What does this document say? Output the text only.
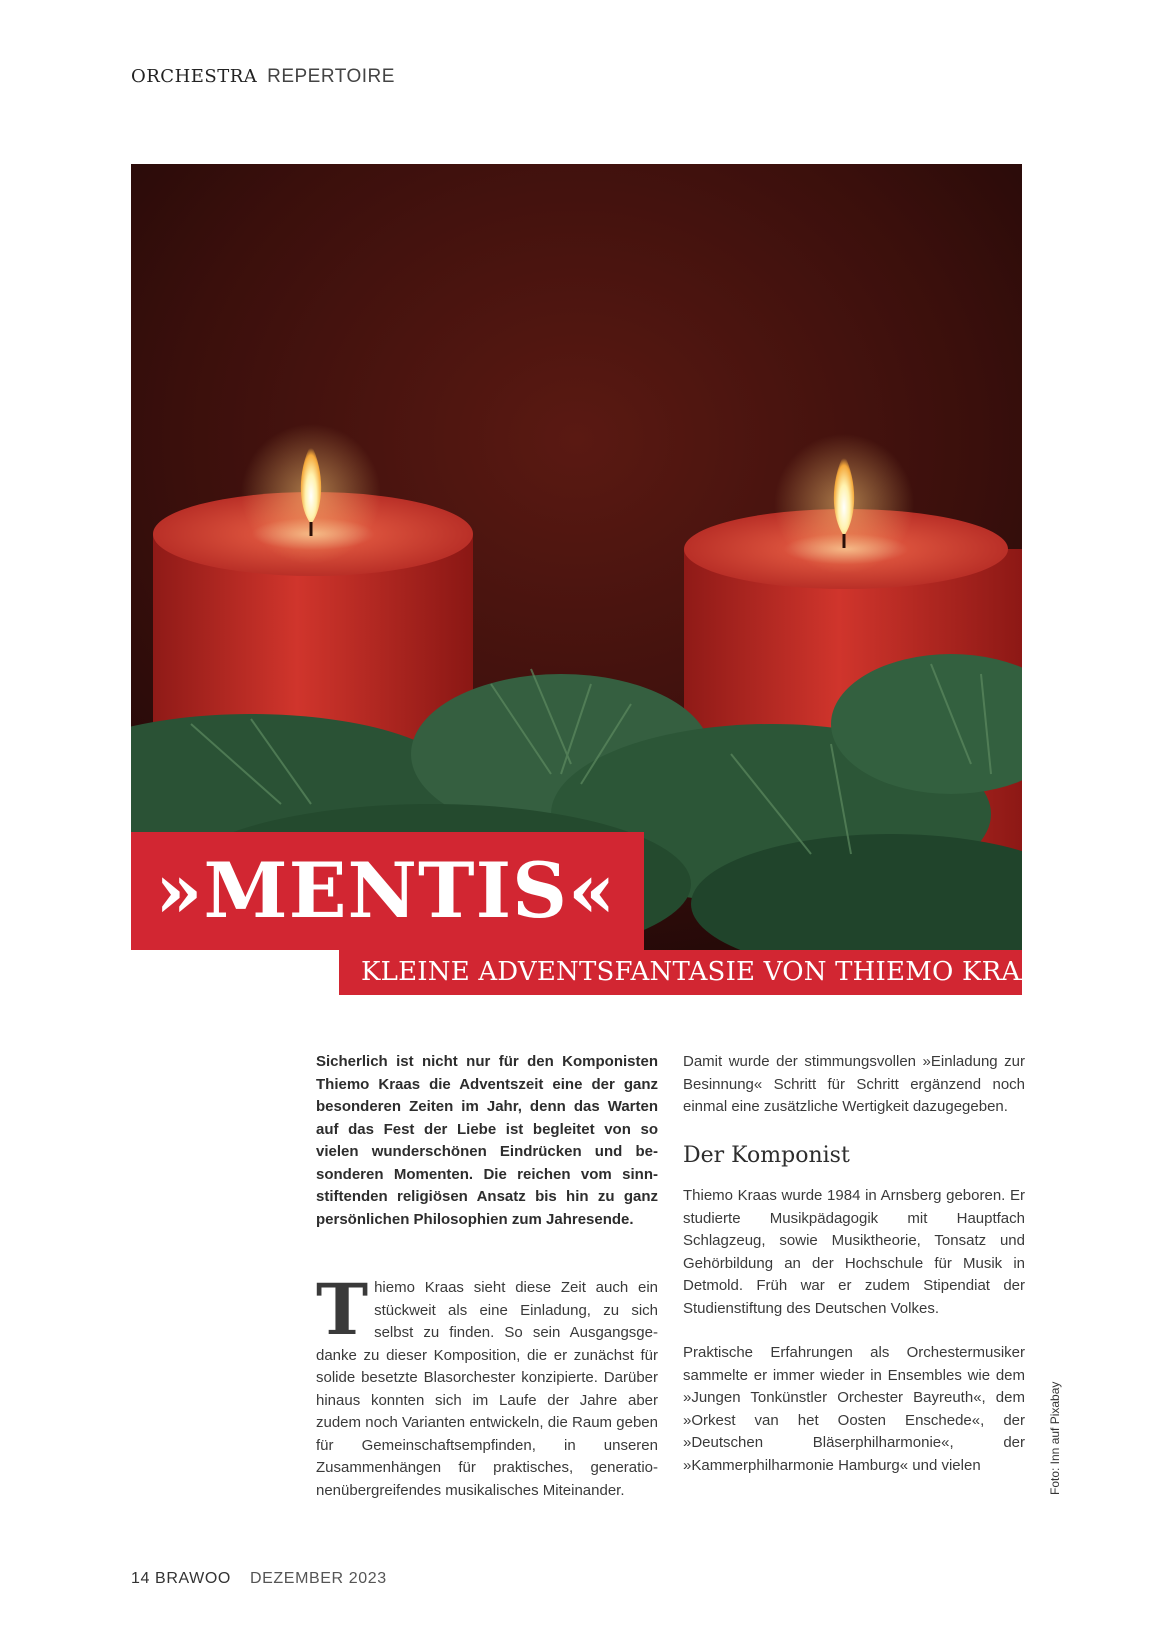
ORCHESTRA REPERTOIRE
»MENTIS«
KLEINE ADVENTSFANTASIE VON THIEMO KRAAS

Sicherlich ist nicht nur für den Komponisten Thiemo Kraas die Adventszeit eine der ganz besonderen Zeiten im Jahr, denn das Warten auf das Fest der Liebe ist begleitet von so vielen wunderschönen Eindrücken und besonderen Momenten. Die reichen vom sinnstiftenden religiösen Ansatz bis hin zu ganz persönlichen Philosophien zum Jahresende.

Thiemo Kraas sieht diese Zeit auch ein stückweit als eine Einladung, zu sich selbst zu finden. So sein Ausgangsgedanke zu dieser Komposition, die er zunächst für solide besetzte Blasorchester konzipierte. Darüber hinaus konnten sich im Laufe der Jahre aber zudem noch Varianten entwickeln, die Raum geben für Gemeinschaftsempfinden, in unseren Zusammenhängen für praktisches, generationenübergreifendes musikalisches Miteinander.

Damit wurde der stimmungsvollen »Einladung zur Besinnung« Schritt für Schritt ergänzend noch einmal eine zusätzliche Wertigkeit dazugegeben.

Der Komponist

Thiemo Kraas wurde 1984 in Arnsberg geboren. Er studierte Musikpädagogik mit Hauptfach Schlagzeug, sowie Musiktheorie, Tonsatz und Gehörbildung an der Hochschule für Musik in Detmold. Früh war er zudem Stipendiat der Studienstiftung des Deutschen Volkes.

Praktische Erfahrungen als Orchestermusiker sammelte er immer wieder in Ensembles wie dem »Jungen Tonkünstler Orchester Bayreuth«, dem »Orkest van het Oosten Enschede«, der »Deutschen Bläserphilharmonie«, der »Kammerphilharmonie Hamburg« und vielen	Foto: Inn auf Pixabay
14 BRAWOO DEZEMBER 2023
